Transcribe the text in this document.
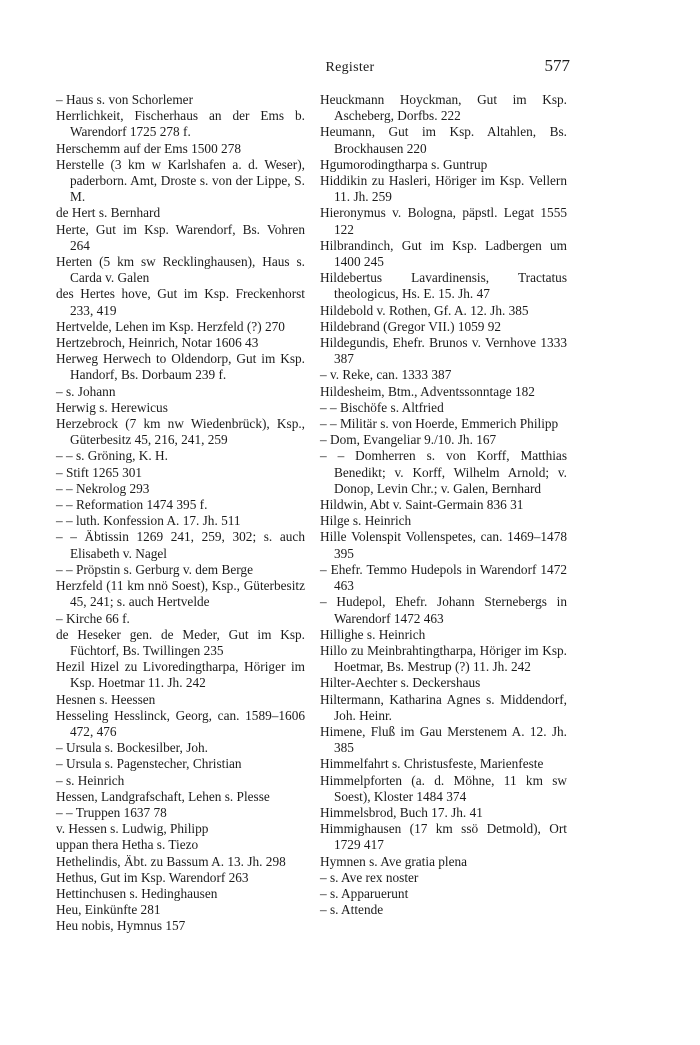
Register	577

– Haus s. von Schorlemer

Herrlichkeit, Fischerhaus an der Ems b. Warendorf 1725 278 f.

Herschemm auf der Ems 1500 278

Herstelle (3 km w Karlshafen a. d. Weser), paderborn. Amt, Droste s. von der Lippe, S. M.

de Hert s. Bernhard

Herte, Gut im Ksp. Warendorf, Bs. Vohren 264

Herten (5 km sw Recklinghausen), Haus s. Carda v. Galen

des Hertes hove, Gut im Ksp. Freckenhorst 233, 419

Hertvelde, Lehen im Ksp. Herzfeld (?) 270

Hertzebroch, Heinrich, Notar 1606 43

Herweg Herwech to Oldendorp, Gut im Ksp. Handorf, Bs. Dorbaum 239 f.

– s. Johann

Herwig s. Herewicus

Herzebrock (7 km nw Wiedenbrück), Ksp., Güterbesitz 45, 216, 241, 259

– – s. Gröning, K. H.

– Stift 1265 301

– – Nekrolog 293

– – Reformation 1474 395 f.

– – luth. Konfession A. 17. Jh. 511

– – Äbtissin 1269 241, 259, 302; s. auch Elisabeth v. Nagel

– – Pröpstin s. Gerburg v. dem Berge

Herzfeld (11 km nnö Soest), Ksp., Güterbesitz 45, 241; s. auch Hertvelde

– Kirche 66 f.

de Heseker gen. de Meder, Gut im Ksp. Füchtorf, Bs. Twillingen 235

Hezil Hizel zu Livoredingtharpa, Höriger im Ksp. Hoetmar 11. Jh. 242

Hesnen s. Heessen

Hesseling Hesslinck, Georg, can. 1589–1606 472, 476

– Ursula s. Bockesilber, Joh.

– Ursula s. Pagenstecher, Christian

– s. Heinrich

Hessen, Landgrafschaft, Lehen s. Plesse

– – Truppen 1637 78

v. Hessen s. Ludwig, Philipp

uppan thera Hetha s. Tiezo

Hethelindis, Äbt. zu Bassum A. 13. Jh. 298

Hethus, Gut im Ksp. Warendorf 263

Hettinchusen s. Hedinghausen

Heu, Einkünfte 281

Heu nobis, Hymnus 157

Heuckmann Hoyckman, Gut im Ksp. Ascheberg, Dorfbs. 222

Heumann, Gut im Ksp. Altahlen, Bs. Brockhausen 220

Hgumorodingtharpa s. Guntrup

Hiddikin zu Hasleri, Höriger im Ksp. Vellern 11. Jh. 259

Hieronymus v. Bologna, päpstl. Legat 1555 122

Hilbrandinch, Gut im Ksp. Ladbergen um 1400 245

Hildebertus Lavardinensis, Tractatus theologicus, Hs. E. 15. Jh. 47

Hildebold v. Rothen, Gf. A. 12. Jh. 385

Hildebrand (Gregor VII.) 1059 92

Hildegundis, Ehefr. Brunos v. Vernhove 1333 387

– v. Reke, can. 1333 387

Hildesheim, Btm., Adventssonntage 182

– – Bischöfe s. Altfried

– – Militär s. von Hoerde, Emmerich Philipp

– Dom, Evangeliar 9./10. Jh. 167

– – Domherren s. von Korff, Matthias Benedikt; v. Korff, Wilhelm Arnold; v. Donop, Levin Chr.; v. Galen, Bernhard

Hildwin, Abt v. Saint-Germain 836 31

Hilge s. Heinrich

Hille Volenspit Vollenspetes, can. 1469–1478 395

– Ehefr. Temmo Hudepols in Warendorf 1472 463

– Hudepol, Ehefr. Johann Sternebergs in Warendorf 1472 463

Hillighe s. Heinrich

Hillo zu Meinbrahtingtharpa, Höriger im Ksp. Hoetmar, Bs. Mestrup (?) 11. Jh. 242

Hilter-Aechter s. Deckershaus

Hiltermann, Katharina Agnes s. Middendorf, Joh. Heinr.

Himene, Fluß im Gau Merstenem A. 12. Jh. 385

Himmelfahrt s. Christusfeste, Marienfeste

Himmelpforten (a. d. Möhne, 11 km sw Soest), Kloster 1484 374

Himmelsbrod, Buch 17. Jh. 41

Himmighausen (17 km ssö Detmold), Ort 1729 417

Hymnen s. Ave gratia plena

– s. Ave rex noster

– s. Apparuerunt

– s. Attende
